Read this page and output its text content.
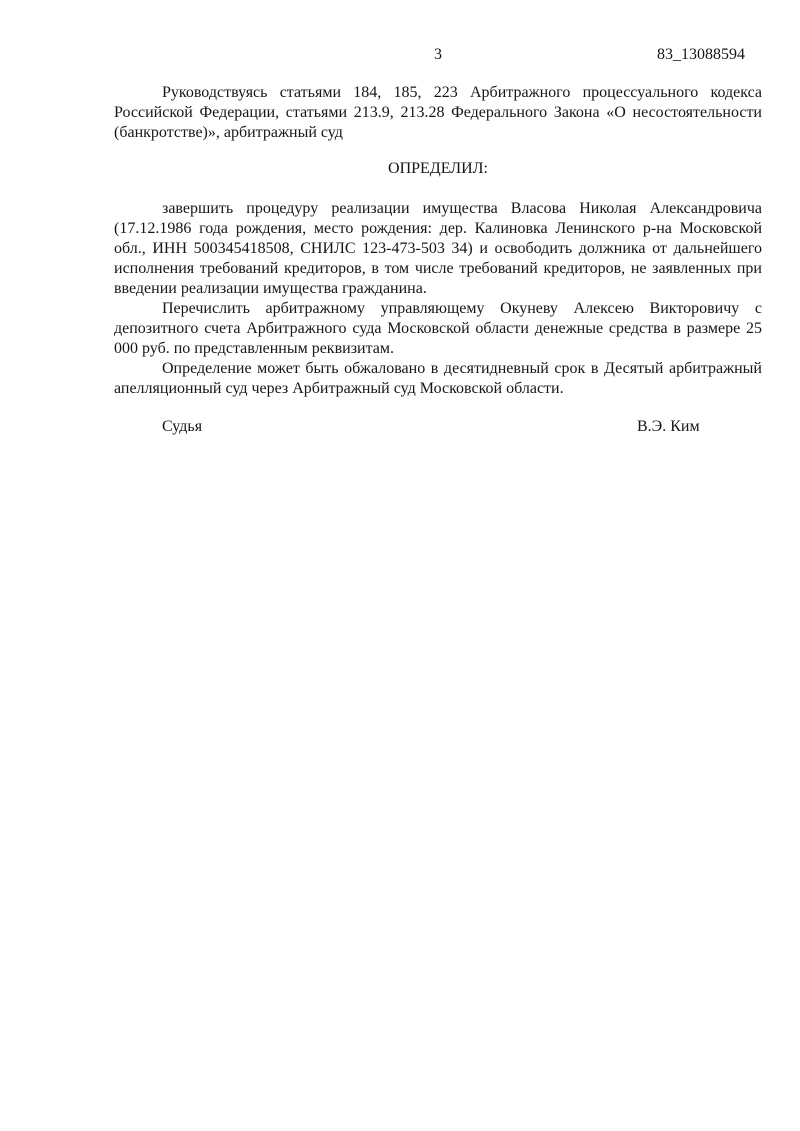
3	83_13088594

Руководствуясь статьями 184, 185, 223 Арбитражного процессуального кодекса Российской Федерации, статьями 213.9, 213.28 Федерального Закона «О несостоятельности (банкротстве)», арбитражный суд

ОПРЕДЕЛИЛ:

завершить процедуру реализации имущества Власова Николая Александровича (17.12.1986 года рождения, место рождения: дер. Калиновка Ленинского р-на Московской обл., ИНН 500345418508, СНИЛС 123-473-503 34) и освободить должника от дальнейшего исполнения требований кредиторов, в том числе требований кредиторов, не заявленных при введении реализации имущества гражданина.

Перечислить арбитражному управляющему Окуневу Алексею Викторовичу с депозитного счета Арбитражного суда Московской области денежные средства в размере 25 000 руб. по представленным реквизитам.

Определение может быть обжаловано в десятидневный срок в Десятый арбитражный апелляционный суд через Арбитражный суд Московской области.

Судья	В.Э. Ким
